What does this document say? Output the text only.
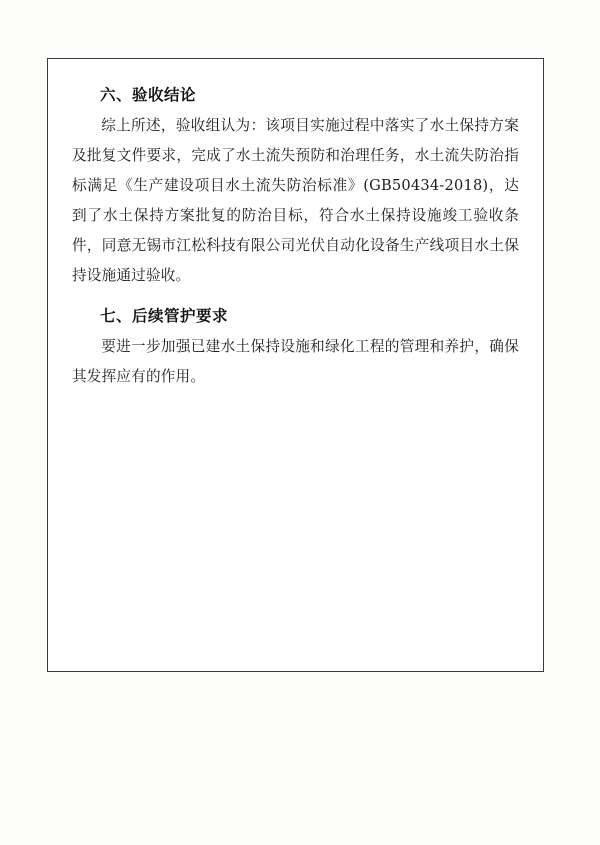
六、验收结论

综上所述，验收组认为：该项目实施过程中落实了水土保持方案及批复文件要求，完成了水土流失预防和治理任务，水土流失防治指标满足《生产建设项目水土流失防治标准》(GB50434-2018)，达到了水土保持方案批复的防治目标，符合水土保持设施竣工验收条件，同意无锡市江松科技有限公司光伏自动化设备生产线项目水土保持设施通过验收。

七、后续管护要求

要进一步加强已建水土保持设施和绿化工程的管理和养护，确保其发挥应有的作用。
